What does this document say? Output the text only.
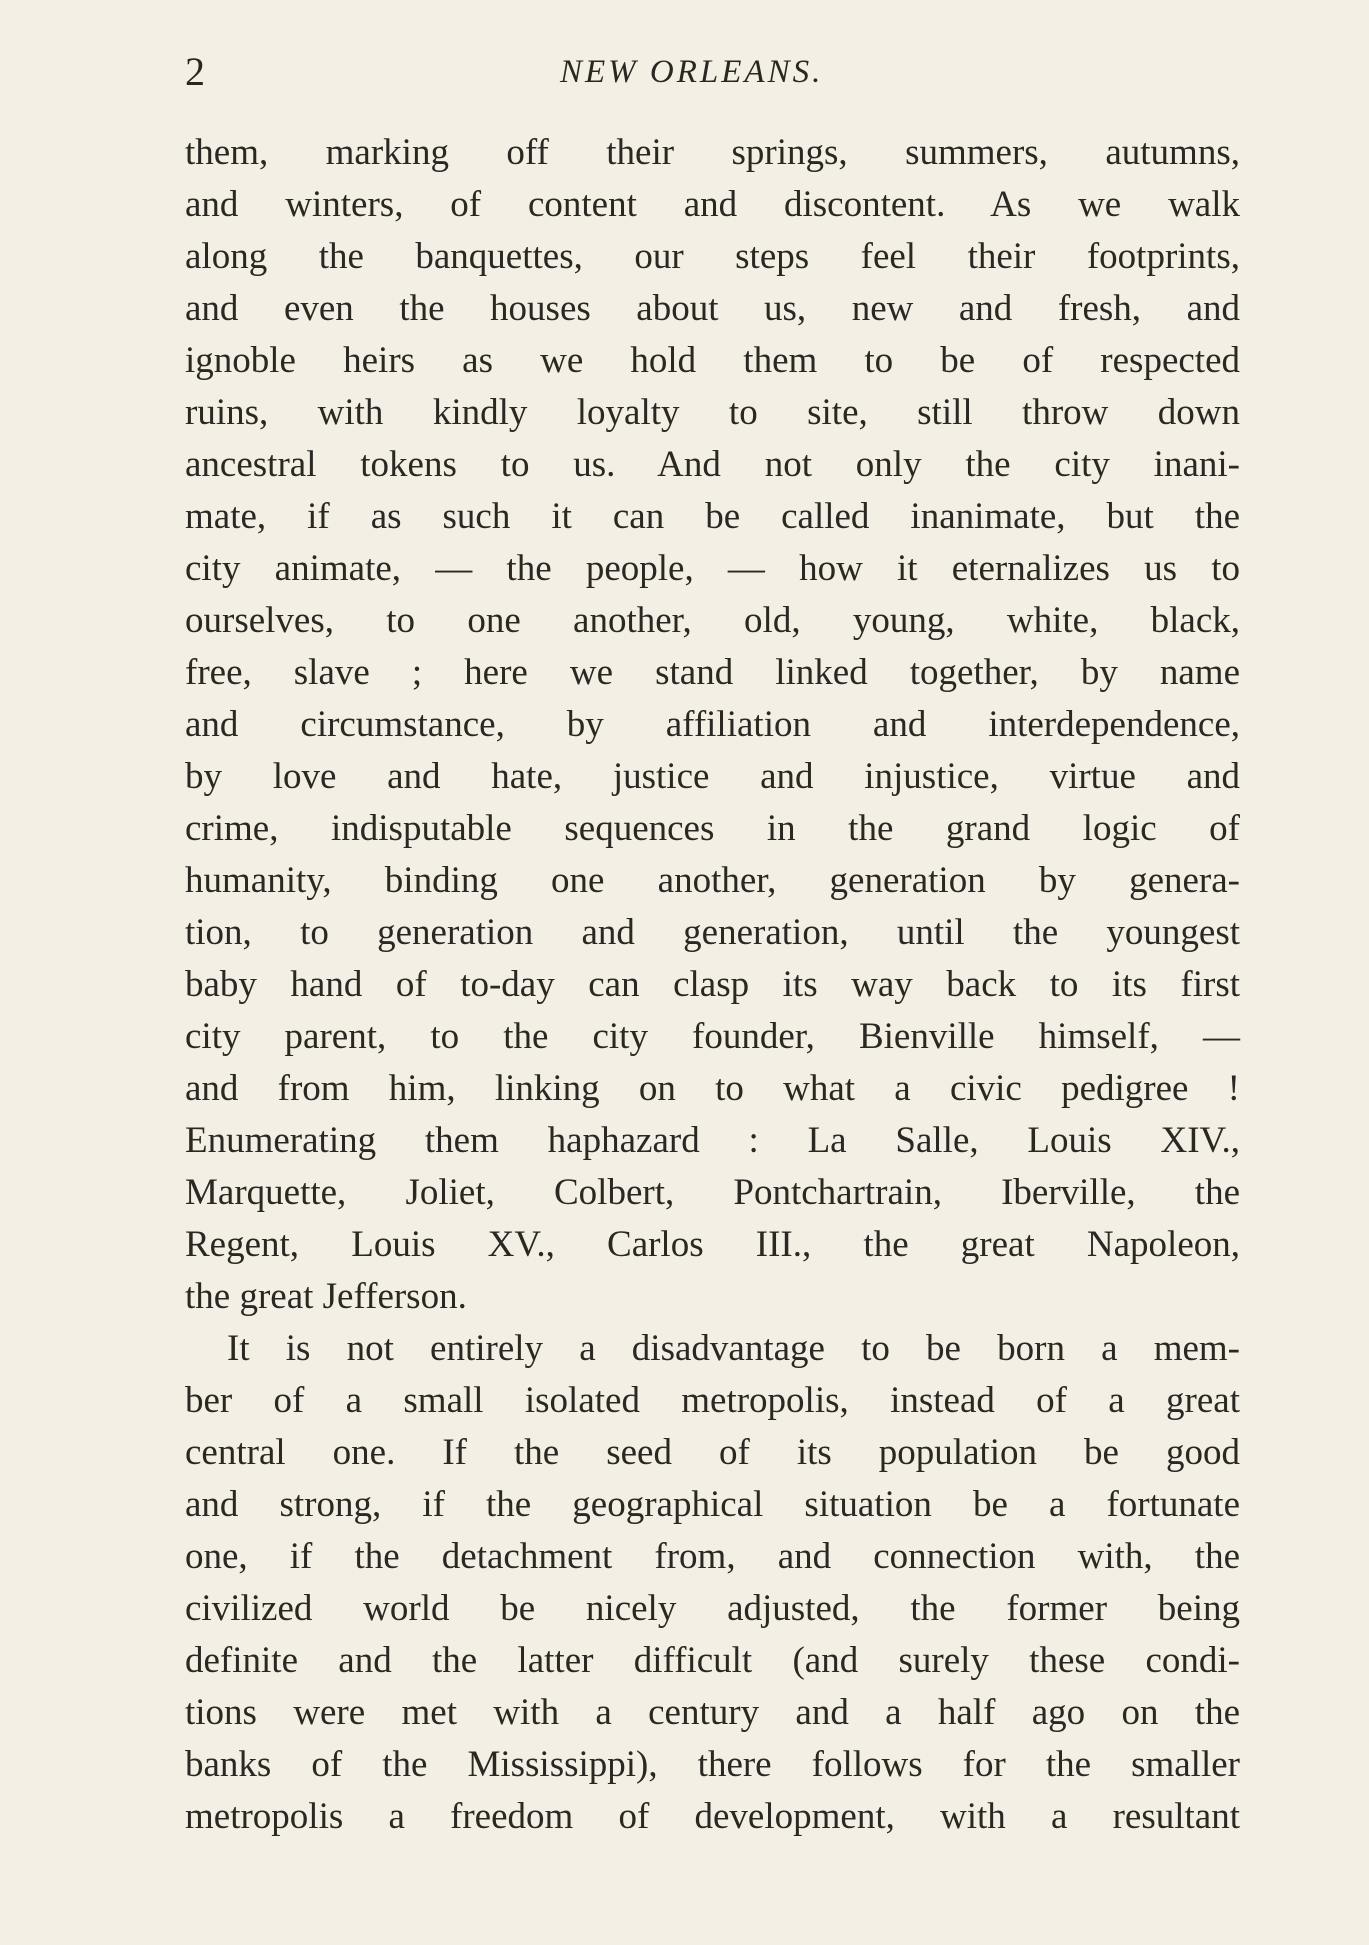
2	NEW ORLEANS.
them, marking off their springs, summers, autumns,
and winters, of content and discontent. As we walk
along the banquettes, our steps feel their footprints,
and even the houses about us, new and fresh, and
ignoble heirs as we hold them to be of respected
ruins, with kindly loyalty to site, still throw down
ancestral tokens to us. And not only the city inani-
mate, if as such it can be called inanimate, but the
city animate, — the people, — how it eternalizes us to
ourselves, to one another, old, young, white, black,
free, slave ; here we stand linked together, by name
and circumstance, by affiliation and interdependence,
by love and hate, justice and injustice, virtue and
crime, indisputable sequences in the grand logic of
humanity, binding one another, generation by genera-
tion, to generation and generation, until the youngest
baby hand of to-day can clasp its way back to its first
city parent, to the city founder, Bienville himself, —
and from him, linking on to what a civic pedigree !
Enumerating them haphazard : La Salle, Louis XIV.,
Marquette, Joliet, Colbert, Pontchartrain, Iberville, the
Regent, Louis XV., Carlos III., the great Napoleon,
the great Jefferson.
It is not entirely a disadvantage to be born a mem-
ber of a small isolated metropolis, instead of a great
central one. If the seed of its population be good
and strong, if the geographical situation be a fortunate
one, if the detachment from, and connection with, the
civilized world be nicely adjusted, the former being
definite and the latter difficult (and surely these condi-
tions were met with a century and a half ago on the
banks of the Mississippi), there follows for the smaller
metropolis a freedom of development, with a resultant
